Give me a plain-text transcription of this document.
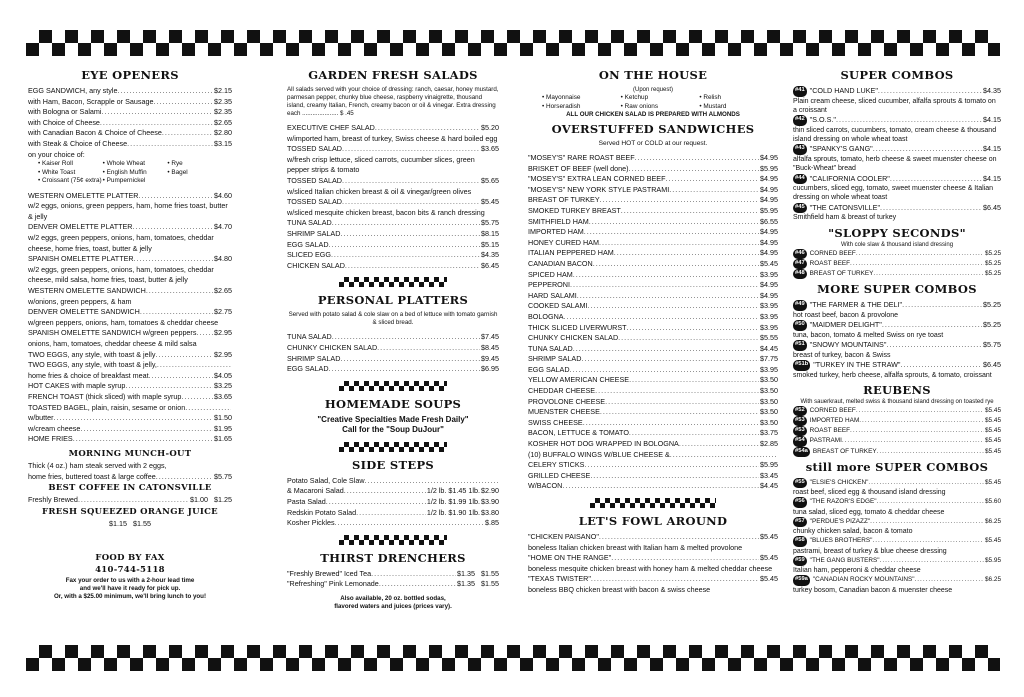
EYE OPENERS
EGG SANDWICH, any style .....	$2.15
with Ham, Bacon, Scrapple or Sausage .....	$2.35
with Bologna or Salami .....	$2.35
with Choice of Cheese .....	$2.65
with Canadian Bacon & Choice of Cheese .....	$2.80
with Steak & Choice of Cheese .....	$3.15
on your choice of:
• Kaiser Roll	• Whole Wheat	• Rye
• White Toast	• English Muffin	• Bagel
• Croissant (75¢ extra) • Pumpernickel
WESTERN OMELETTE PLATTER .....	$4.60
w/2 eggs, onions, green peppers, ham, home fries toast, butter & jelly
DENVER OMELETTE PLATTER .....	$4.70
w/2 eggs, green peppers, onions, ham, tomatoes, cheddar cheese, home fries, toast, butter & jelly
SPANISH OMELETTE PLATTER .....	$4.80
w/2 eggs, green peppers, onions, ham, tomatoes, cheddar cheese, mild salsa, home fries, toast, butter & jelly
WESTERN OMELETTE SANDWICH .....	$2.65
w/onions, green peppers, & ham
DENVER OMELETTE SANDWICH .....	$2.75
w/green peppers, onions, ham, tomatoes & cheddar cheese
SPANISH OMELETTE SANDWICH w/green peppers ..... $2.95
onions, ham, tomatoes, cheddar cheese & mild salsa
TWO EGGS, any style, with toast & jelly .....	$2.95
TWO EGGS, any style, with toast & jelly,
.....
home fries & choice of breakfast meat .....	$4.05
HOT CAKES with maple syrup .....	$3.25
FRENCH TOAST (thick sliced) with maple syrup .....	$3.65
TOASTED BAGEL, plain, raisin, sesame or onion
.....
w/butter .....	$1.50
w/cream cheese .....	$1.95
HOME FRIES .....	$1.65
MORNING MUNCH-OUT
Thick (4 oz.) ham steak served with 2 eggs,
home fries, buttered toast & large coffee .....	$5.75
BEST COFFEE IN CATONSVILLE
Freshly Brewed .....	$1.00 $1.25
FRESH SQUEEZED ORANGE JUICE
$1.15 $1.55
FOOD BY FAX
410-744-5118
Fax your order to us with a 2-hour lead time
and we'll have it ready for pick up.
Or, with a $25.00 minimum, we'll bring lunch to you!
GARDEN FRESH SALADS
All salads served with your choice of dressing: ranch, caesar, honey mustard, parmesan pepper, chunky blue cheese, raspberry vinaigrette, thousand island, creamy Italian, French, creamy bacon or oil & vinegar. Extra dressing each ..................... $ .45
EXECUTIVE CHEF SALAD .....	$5.20
w/imported ham, breast of turkey, Swiss cheese & hard boiled egg
TOSSED SALAD .....	$3.65
w/fresh crisp lettuce, sliced carrots, cucumber slices, green pepper strips & tomato
TOSSED SALAD .....	$5.65
w/sliced Italian chicken breast & oil & vinegar/green olives
TOSSED SALAD .....	$5.45
w/sliced mesquite chicken breast, bacon bits & ranch dressing
TUNA SALAD .....	$5.75
SHRIMP SALAD .....	$8.15
EGG SALAD .....	$5.15
SLICED EGG .....	$4.35
CHICKEN SALAD .....	$6.45
PERSONAL PLATTERS
Served with potato salad & cole slaw on a bed of lettuce with tomato garnish & sliced bread.
TUNA SALAD .....	$7.45
CHUNKY CHICKEN SALAD .....	$8.45
SHRIMP SALAD .....	$9.45
EGG SALAD .....	$6.95
HOMEMADE SOUPS
"Creative Specialties Made Fresh Daily"
Call for the "Soup DuJour"
SIDE STEPS
Potato Salad, Cole Slaw
.....
& Macaroni Salad .....	1/2 lb. $1.45 1lb. $2.90
Pasta Salad .....	1/2 lb. $1.99 1lb. $3.90
Redskin Potato Salad .....	1/2 lb. $1.90 1lb. $3.80
Kosher Pickles .....	$.85
THIRST DRENCHERS
"Freshly Brewed" Iced Tea .....	$1.35 $1.55
"Refreshing" Pink Lemonade .....	$1.35 $1.55
Also available, 20 oz. bottled sodas,
flavored waters and juices (prices vary).
ON THE HOUSE
(Upon request)
• Mayonnaise	• Ketchup	• Relish
• Horseradish	• Raw onions	• Mustard
ALL OUR CHICKEN SALAD IS PREPARED WITH ALMONDS
OVERSTUFFED SANDWICHES
Served HOT or COLD at our request.
"MOSEY'S" RARE ROAST BEEF .....	$4.95
BRISKET OF BEEF (well done) .....	$5.95
"MOSEY'S" EXTRA LEAN CORNED BEEF .....	$4.95
"MOSEY'S" NEW YORK STYLE PASTRAMI .....	$4.95
BREAST OF TURKEY .....	$4.95
SMOKED TURKEY BREAST .....	$5.95
SMITHFIELD HAM .....	$6.55
IMPORTED HAM .....	$4.95
HONEY CURED HAM .....	$4.95
ITALIAN PEPPERED HAM .....	$4.95
CANADIAN BACON .....	$5.45
SPICED HAM .....	$3.95
PEPPERONI .....	$4.95
HARD SALAMI .....	$4.95
COOKED SALAMI .....	$3.95
BOLOGNA .....	$3.95
THICK SLICED LIVERWURST .....	$3.95
CHUNKY CHICKEN SALAD .....	$5.55
TUNA SALAD .....	$4.45
SHRIMP SALAD .....	$7.75
EGG SALAD .....	$3.95
YELLOW AMERICAN CHEESE .....	$3.50
CHEDDAR CHEESE .....	$3.50
PROVOLONE CHEESE .....	$3.50
MUENSTER CHEESE .....	$3.50
SWISS CHEESE .....	$3.50
BACON, LETTUCE & TOMATO .....	$3.75
KOSHER HOT DOG WRAPPED IN BOLOGNA .....	$2.85
(10) BUFFALO WINGS W/BLUE CHEESE &
.....
CELERY STICKS .....	$5.95
GRILLED CHEESE .....	$3.45
W/BACON .....	$4.45
LET'S FOWL AROUND
"CHICKEN PAISANO" .....	$5.45
boneless Italian chicken breast with Italian ham & melted provolone
"HOME ON THE RANGE" .....	$5.45
boneless mesquite chicken breast with honey ham & melted cheddar cheese
"TEXAS TWISTER" .....	$5.45
boneless BBQ chicken breast with bacon & swiss cheese
SUPER COMBOS
#41 "COLD HAND LUKE" .....	$4.35
Plain cream cheese, sliced cucumber, alfalfa sprouts & tomato on a croissant
#42 "S.O.S." .....	$4.15
thin sliced carrots, cucumbers, tomato, cream cheese & thousand island dressing on whole wheat toast
#43 "SPANKY'S GANG" .....	$4.15
alfalfa sprouts, tomato, herb cheese & sweet muenster cheese on "Buck-Wheat" bread
#44 "CALIFORNIA COOLER" .....	$4.15
cucumbers, sliced egg, tomato, sweet muenster cheese & Italian dressing on whole wheat toast
#45 "THE CATONSVILLE" .....	$6.45
Smithfield ham & breast of turkey
"SLOPPY SECONDS"
With cole slaw & thousand island dressing
#46 CORNED BEEF .....	$5.25
#47 ROAST BEEF .....	$5.25
#48 BREAST OF TURKEY .....	$5.25
MORE SUPER COMBOS
#49 "THE FARMER & THE DELI" .....	$5.25
hot roast beef, bacon & provolone
#50 "MAIDMER DELIGHT" .....	$5.25
tuna, bacon, tomato & melted Swiss on rye toast
#51 "SNOWY MOUNTAINS" .....	$5.75
breast of turkey, bacon & Swiss
#51b "TURKEY IN THE STRAW" .....	$6.45
smoked turkey, herb cheese, alfalfa sprouts, & tomato, croissant
REUBENS
With sauerkraut, melted swiss & thousand island dressing on toasted rye
#52 CORNED BEEF .....	$5.45
#53 IMPORTED HAM .....	$5.45
#53 ROAST BEEF .....	$5.45
#54 PASTRAMI .....	$5.45
#54a BREAST OF TURKEY .....	$5.45
still more SUPER COMBOS
#55 "ELSIE'S CHICKEN" .....	$5.45
roast beef, sliced egg & thousand island dressing
#56 "THE RAZOR'S EDGE" .....	$5.60
tuna salad, sliced egg, tomato & cheddar cheese
#57 "PERDUE'S PIZAZZ" .....	$6.25
chunky chicken salad, bacon & tomato
#58 "BLUES BROTHERS" .....	$5.45
pastrami, breast of turkey & blue cheese dressing
#59 "THE GANG BUSTERS" .....	$5.95
Italian ham, pepperoni & cheddar cheese
#59a "CANADIAN ROCKY MOUNTAINS" .....	$6.25
turkey bosom, Canadian bacon & muenster cheese
